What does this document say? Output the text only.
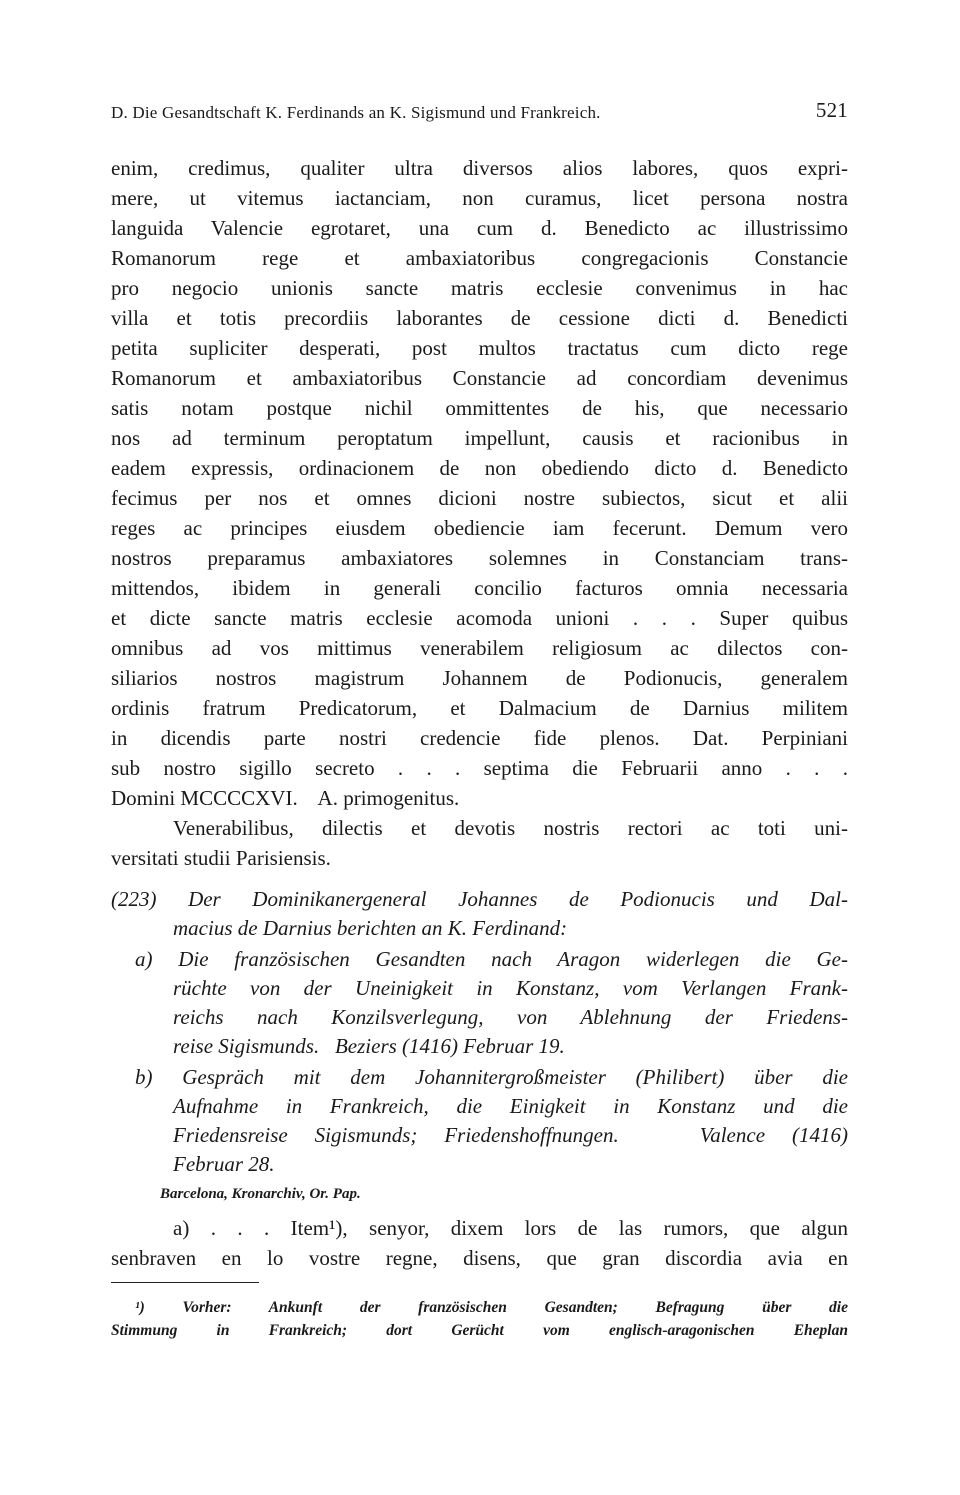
D. Die Gesandtschaft K. Ferdinands an K. Sigismund und Frankreich.	521
enim, credimus, qualiter ultra diversos alios labores, quos expri-
mere, ut vitemus iactanciam, non curamus, licet persona nostra
languida Valencie egrotaret, una cum d. Benedicto ac illustrissimo
Romanorum rege et ambaxiatoribus congregacionis Constancie
pro negocio unionis sancte matris ecclesie convenimus in hac
villa et totis precordiis laborantes de cessione dicti d. Benedicti
petita supliciter desperati, post multos tractatus cum dicto rege
Romanorum et ambaxiatoribus Constancie ad concordiam devenimus
satis notam postque nichil ommittentes de his, que necessario
nos ad terminum peroptatum impellunt, causis et racionibus in
eadem expressis, ordinacionem de non obediendo dicto d. Benedicto
fecimus per nos et omnes dicioni nostre subiectos, sicut et alii
reges ac principes eiusdem obediencie iam fecerunt. Demum vero
nostros preparamus ambaxiatores solemnes in Constanciam trans-
mittendos, ibidem in generali concilio facturos omnia necessaria
et dicte sancte matris ecclesie acomoda unioni . . . Super quibus
omnibus ad vos mittimus venerabilem religiosum ac dilectos con-
siliarios nostros magistrum Johannem de Podionucis, generalem
ordinis fratrum Predicatorum, et Dalmacium de Darnius militem
in dicendis parte nostri credencie fide plenos. Dat. Perpiniani
sub nostro sigillo secreto . . . septima die Februarii anno . . .
Domini MCCCCXVI.    A. primogenitus.
Venerabilibus, dilectis et devotis nostris rectori ac toti uni-
versitati studii Parisiensis.
(223) Der Dominikanergeneral Johannes de Podionucis und Dal-
macius de Darnius berichten an K. Ferdinand:
a) Die französischen Gesandten nach Aragon widerlegen die Ge-
rüchte von der Uneinigkeit in Konstanz, vom Verlangen Frank-
reichs nach Konzilsverlegung, von Ablehnung der Friedens-
reise Sigismunds.   Beziers (1416) Februar 19.
b) Gespräch mit dem Johannitergroßmeister (Philibert) über die
Aufnahme in Frankreich, die Einigkeit in Konstanz und die
Friedensreise Sigismunds; Friedenshoffnungen.   Valence (1416)
Februar 28.
Barcelona, Kronarchiv, Or. Pap.
a) . . . Item¹), senyor, dixem lors de las rumors, que algun
senbraven en lo vostre regne, disens, que gran discordia avia en
¹) Vorher: Ankunft der französischen Gesandten; Befragung über die
Stimmung in Frankreich; dort Gerücht vom englisch-aragonischen Eheplan
